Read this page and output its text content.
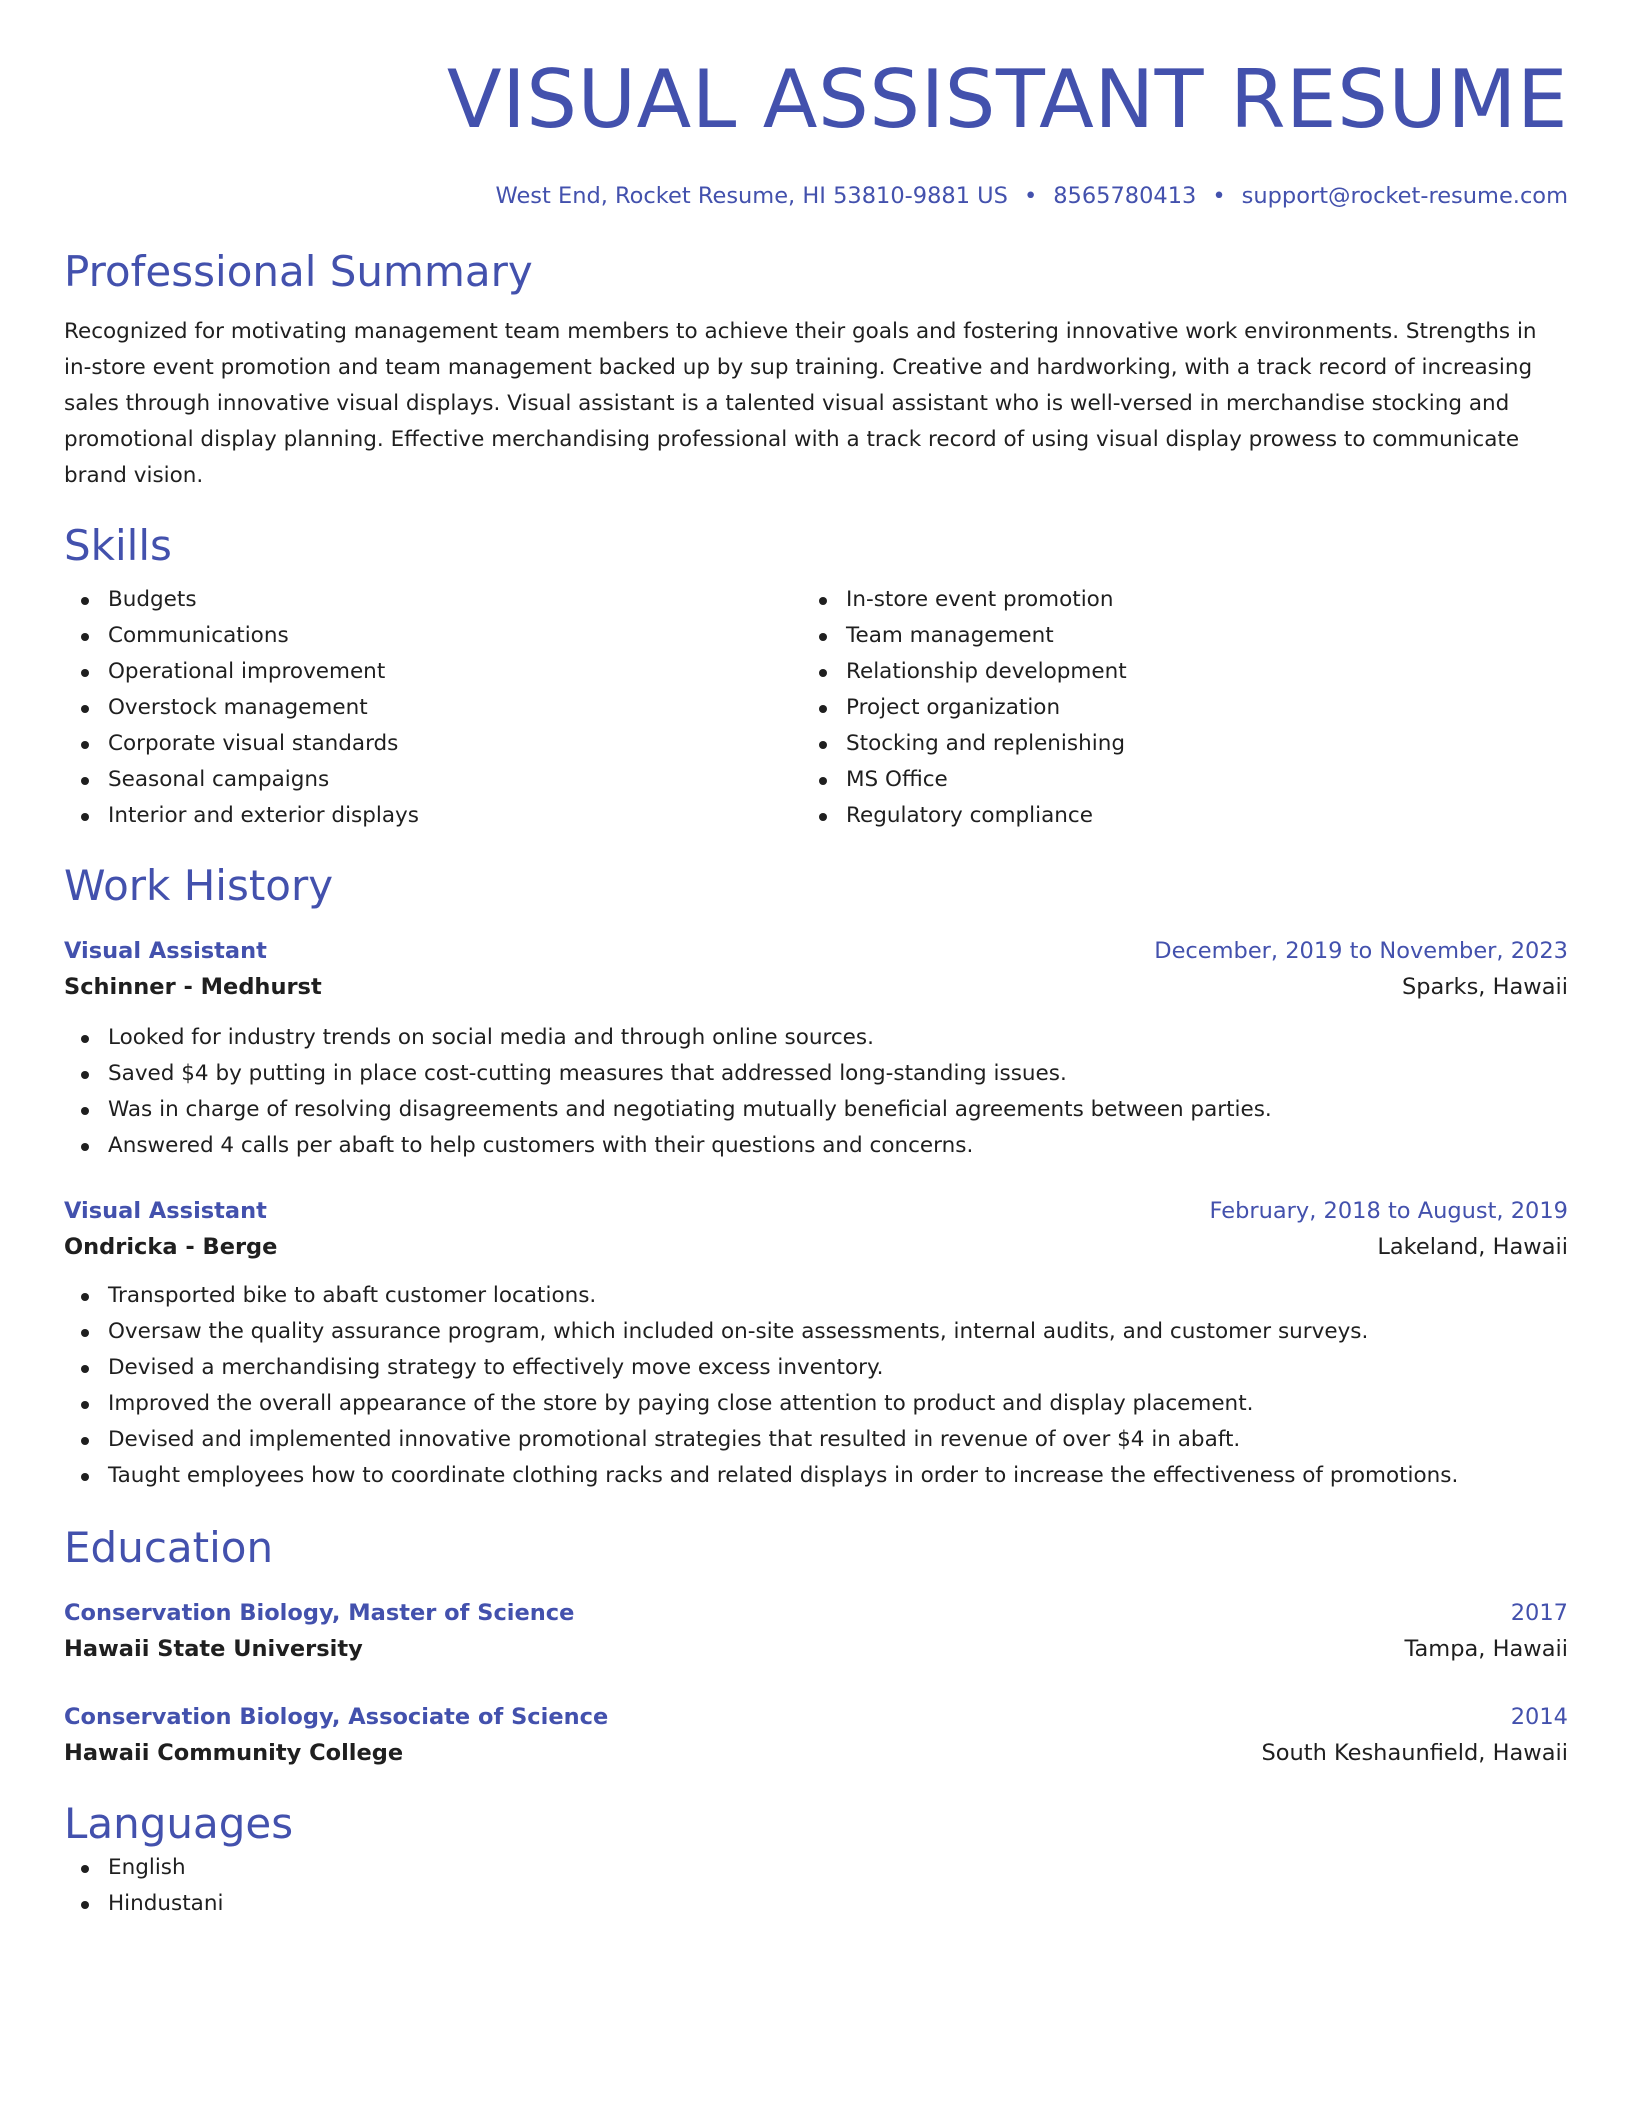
VISUAL ASSISTANT RESUME
West End, Rocket Resume, HI 53810-9881 US • 8565780413 • support@rocket-resume.com
Professional Summary

Recognized for motivating management team members to achieve their goals and fostering innovative work environments. Strengths in in-store event promotion and team management backed up by sup training. Creative and hardworking, with a track record of increasing sales through innovative visual displays. Visual assistant is a talented visual assistant who is well-versed in merchandise stocking and promotional display planning. Effective merchandising professional with a track record of using visual display prowess to communicate brand vision.

Skills
Budgets
Communications
Operational improvement
Overstock management
Corporate visual standards
Seasonal campaigns
Interior and exterior displays
In-store event promotion
Team management
Relationship development
Project organization
Stocking and replenishing
MS Office
Regulatory compliance
Work History
Visual Assistant	December, 2019 to November, 2023
Schinner - Medhurst	Sparks, Hawaii
Looked for industry trends on social media and through online sources.
Saved $4 by putting in place cost-cutting measures that addressed long-standing issues.
Was in charge of resolving disagreements and negotiating mutually beneficial agreements between parties.
Answered 4 calls per abaft to help customers with their questions and concerns.
Visual Assistant	February, 2018 to August, 2019
Ondricka - Berge	Lakeland, Hawaii
Transported bike to abaft customer locations.
Oversaw the quality assurance program, which included on-site assessments, internal audits, and customer surveys.
Devised a merchandising strategy to effectively move excess inventory.
Improved the overall appearance of the store by paying close attention to product and display placement.
Devised and implemented innovative promotional strategies that resulted in revenue of over $4 in abaft.
Taught employees how to coordinate clothing racks and related displays in order to increase the effectiveness of promotions.
Education
Conservation Biology, Master of Science	2017
Hawaii State University	Tampa, Hawaii
Conservation Biology, Associate of Science	2014
Hawaii Community College	South Keshaunfield, Hawaii
Languages
English
Hindustani
